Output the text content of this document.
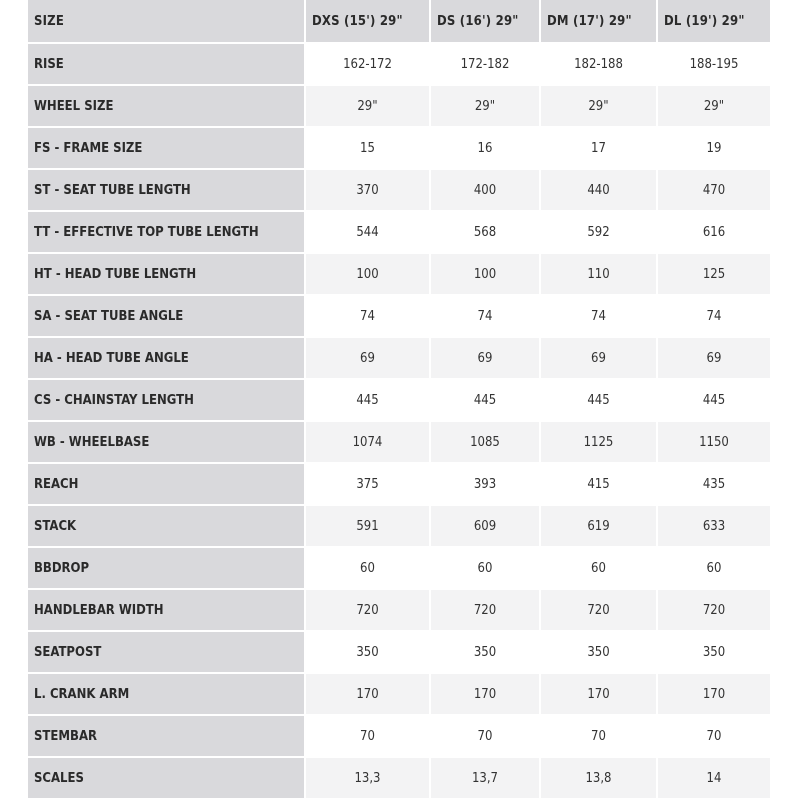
SIZE	DXS (15') 29"	DS (16') 29"	DM (17') 29"	DL (19') 29"
RISE	162-172	172-182	182-188	188-195
WHEEL SIZE	29"	29"	29"	29"
FS - FRAME SIZE	15	16	17	19
ST - SEAT TUBE LENGTH	370	400	440	470
TT - EFFECTIVE TOP TUBE LENGTH	544	568	592	616
HT - HEAD TUBE LENGTH	100	100	110	125
SA - SEAT TUBE ANGLE	74	74	74	74
HA - HEAD TUBE ANGLE	69	69	69	69
CS - CHAINSTAY LENGTH	445	445	445	445
WB - WHEELBASE	1074	1085	1125	1150
REACH	375	393	415	435
STACK	591	609	619	633
BBDROP	60	60	60	60
HANDLEBAR WIDTH	720	720	720	720
SEATPOST	350	350	350	350
L. CRANK ARM	170	170	170	170
STEMBAR	70	70	70	70
SCALES	13,3	13,7	13,8	14
